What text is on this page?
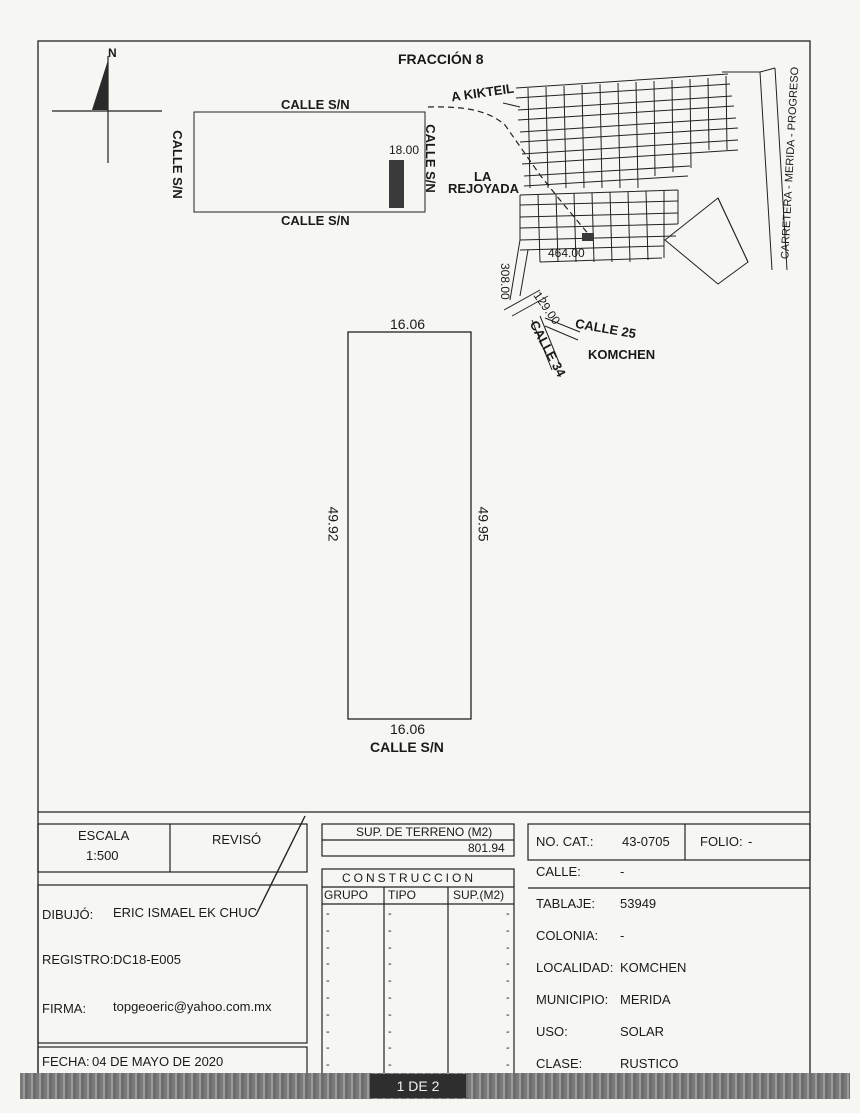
FRACCIÓN 8
N
CALLE S/N
CALLE S/N
CALLE S/N	CALLE S/N
18.00
A KIKTEIL
LA
REJOYADA	CARRETERA - MERIDA - PROGRESO
464.00
308.00
129.00
CALLE 25
CALLE 34 KOMCHEN
16.06
16.06
CALLE S/N
49.92	49.95
ESCALA
1:500
REVISÓ
DIBUJÓ: ERIC ISMAEL EK CHUC
REGISTRO: DC18-E005
FIRMA: topgeoeric@yahoo.com.mx
FECHA: 04 DE MAYO DE 2020
SUP. DE TERRENO (M2)
801.94
CONSTRUCCION
GRUPO TIPO	SUP.(M2)
-	-	-
-	-	-
-	-	-
-	-	-
-	-	-
-	-	-
-	-	-
-	-	-
-	-	-
-	-	-
NO. CAT.: 43-0705 FOLIO: -
CALLE:	-
TABLAJE: 53949
COLONIA: -
LOCALIDAD: KOMCHEN
MUNICIPIO: MERIDA
USO:	SOLAR
CLASE:	RUSTICO
1 DE 2
